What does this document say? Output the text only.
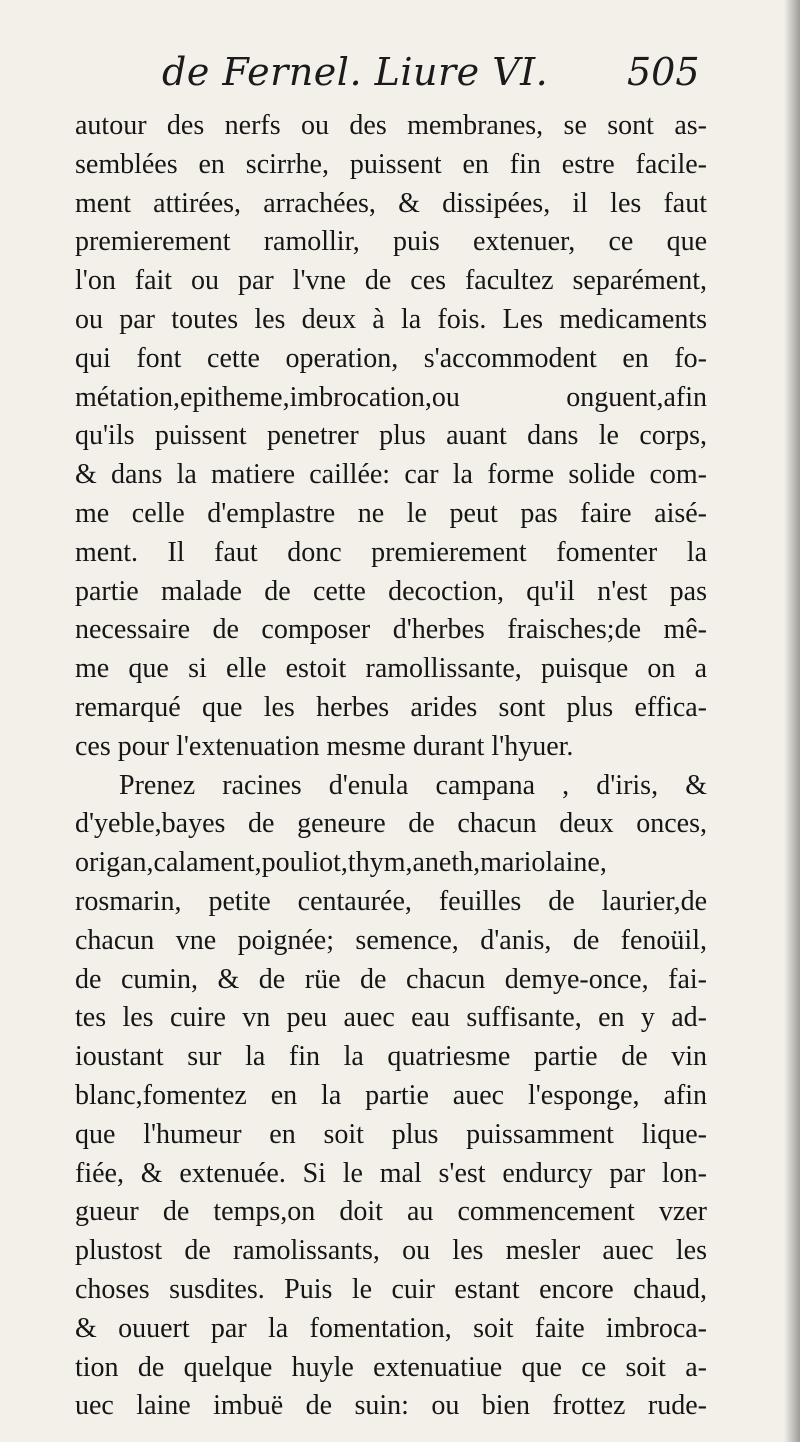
de Fernel. Liure VI. 505
autour des nerfs ou des membranes, se sont as-
semblées en scirrhe, puissent en fin estre facile-
ment attirées, arrachées, & dissipées, il les faut
premierement ramollir, puis extenuer, ce que
l'on fait ou par l'vne de ces facultez separément,
ou par toutes les deux à la fois. Les medicaments
qui font cette operation, s'accommodent en fo-
métation,epitheme,imbrocation,ou onguent,afin
qu'ils puissent penetrer plus auant dans le corps,
& dans la matiere caillée: car la forme solide com-
me celle d'emplastre ne le peut pas faire aisé-
ment. Il faut donc premierement fomenter la
partie malade de cette decoction, qu'il n'est pas
necessaire de composer d'herbes fraisches;de mê-
me que si elle estoit ramollissante, puisque on a
remarqué que les herbes arides sont plus effica-
ces pour l'extenuation mesme durant l'hyuer.
Prenez racines d'enula campana , d'iris, &
d'yeble,bayes de geneure de chacun deux onces,
origan,calament,pouliot,thym,aneth,mariolaine,
rosmarin, petite centaurée, feuilles de laurier,de
chacun vne poignée; semence, d'anis, de fenoüil,
de cumin, & de rüe de chacun demye-once, fai-
tes les cuire vn peu auec eau suffisante, en y ad-
ioustant sur la fin la quatriesme partie de vin
blanc,fomentez en la partie auec l'esponge, afin
que l'humeur en soit plus puissamment lique-
fiée, & extenuée. Si le mal s'est endurcy par lon-
gueur de temps,on doit au commencement vzer
plustost de ramolissants, ou les mesler auec les
choses susdites. Puis le cuir estant encore chaud,
& ouuert par la fomentation, soit faite imbroca-
tion de quelque huyle extenuatiue que ce soit a-
uec laine imbuë de suin: ou bien frottez rude-
